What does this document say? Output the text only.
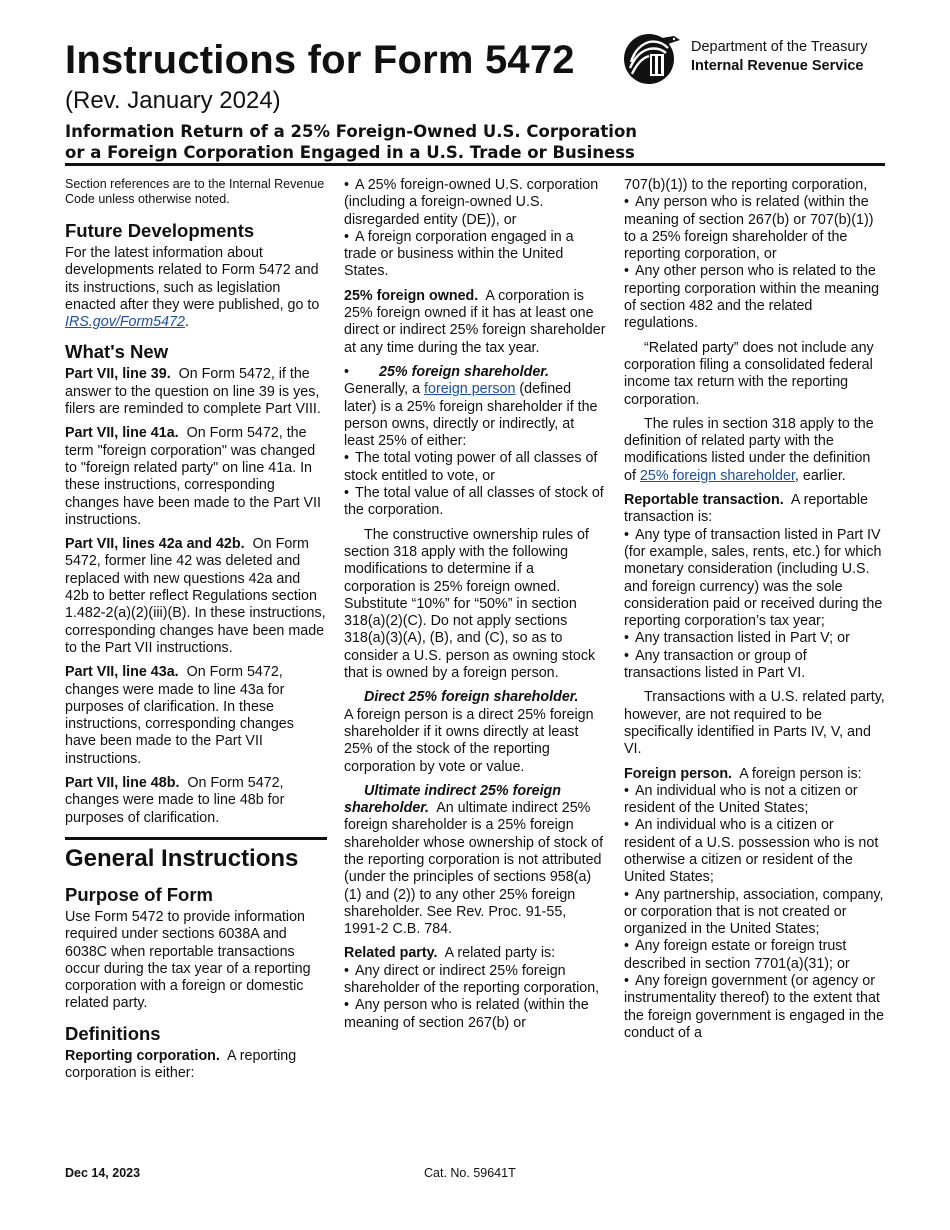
Instructions for Form 5472
(Rev. January 2024)
Information Return of a 25% Foreign-Owned U.S. Corporation
or a Foreign Corporation Engaged in a U.S. Trade or Business
Department of the Treasury
Internal Revenue Service

Section references are to the Internal Revenue Code unless otherwise noted.

Future Developments

For the latest information about developments related to Form 5472 and its instructions, such as legislation enacted after they were published, go to IRS.gov/Form5472.

What's New

Part VII, line 39. On Form 5472, if the answer to the question on line 39 is yes, filers are reminded to complete Part VIII.

Part VII, line 41a. On Form 5472, the term "foreign corporation" was changed to "foreign related party" on line 41a. In these instructions, corresponding changes have been made to the Part VII instructions.

Part VII, lines 42a and 42b. On Form 5472, former line 42 was deleted and replaced with new questions 42a and 42b to better reflect Regulations section 1.482-2(a)(2)(iii)(B). In these instructions, corresponding changes have been made to the Part VII instructions.

Part VII, line 43a. On Form 5472, changes were made to line 43a for purposes of clarification. In these instructions, corresponding changes have been made to the Part VII instructions.

Part VII, line 48b. On Form 5472, changes were made to line 48b for purposes of clarification.

General Instructions
Purpose of Form

Use Form 5472 to provide information required under sections 6038A and 6038C when reportable transactions occur during the tax year of a reporting corporation with a foreign or domestic related party.

Definitions

Reporting corporation. A reporting corporation is either:

• A 25% foreign-owned U.S. corporation (including a foreign-owned U.S. disregarded entity (DE)), or

• A foreign corporation engaged in a trade or business within the United States.

25% foreign owned. A corporation is 25% foreign owned if it has at least one direct or indirect 25% foreign shareholder at any time during the tax year.

• 25% foreign shareholder.
Generally, a foreign person (defined later) is a 25% foreign shareholder if the person owns, directly or indirectly, at least 25% of either:

• The total voting power of all classes of stock entitled to vote, or

• The total value of all classes of stock of the corporation.

The constructive ownership rules of section 318 apply with the following modifications to determine if a corporation is 25% foreign owned. Substitute “10%” for “50%” in section 318(a)(2)(C). Do not apply sections 318(a)(3)(A), (B), and (C), so as to consider a U.S. person as owning stock that is owned by a foreign person.

Direct 25% foreign shareholder.
A foreign person is a direct 25% foreign shareholder if it owns directly at least 25% of the stock of the reporting corporation by vote or value.

Ultimate indirect 25% foreign shareholder. An ultimate indirect 25% foreign shareholder is a 25% foreign shareholder whose ownership of stock of the reporting corporation is not attributed (under the principles of sections 958(a)(1) and (2)) to any other 25% foreign shareholder. See Rev. Proc. 91-55, 1991-2 C.B. 784.

Related party. A related party is:

• Any direct or indirect 25% foreign shareholder of the reporting corporation,

• Any person who is related (within the meaning of section 267(b) or

707(b)(1)) to the reporting corporation,

• Any person who is related (within the meaning of section 267(b) or 707(b)(1)) to a 25% foreign shareholder of the reporting corporation, or

• Any other person who is related to the reporting corporation within the meaning of section 482 and the related regulations.

“Related party” does not include any corporation filing a consolidated federal income tax return with the reporting corporation.

The rules in section 318 apply to the definition of related party with the modifications listed under the definition of 25% foreign shareholder, earlier.

Reportable transaction. A reportable transaction is:

• Any type of transaction listed in Part IV (for example, sales, rents, etc.) for which monetary consideration (including U.S. and foreign currency) was the sole consideration paid or received during the reporting corporation’s tax year;

• Any transaction listed in Part V; or

• Any transaction or group of transactions listed in Part VI.

Transactions with a U.S. related party, however, are not required to be specifically identified in Parts IV, V, and VI.

Foreign person. A foreign person is:

• An individual who is not a citizen or resident of the United States;

• An individual who is a citizen or resident of a U.S. possession who is not otherwise a citizen or resident of the United States;

• Any partnership, association, company, or corporation that is not created or organized in the United States;

• Any foreign estate or foreign trust described in section 7701(a)(31); or

• Any foreign government (or agency or instrumentality thereof) to the extent that the foreign government is engaged in the conduct of a

Dec 14, 2023	Cat. No. 59641T
